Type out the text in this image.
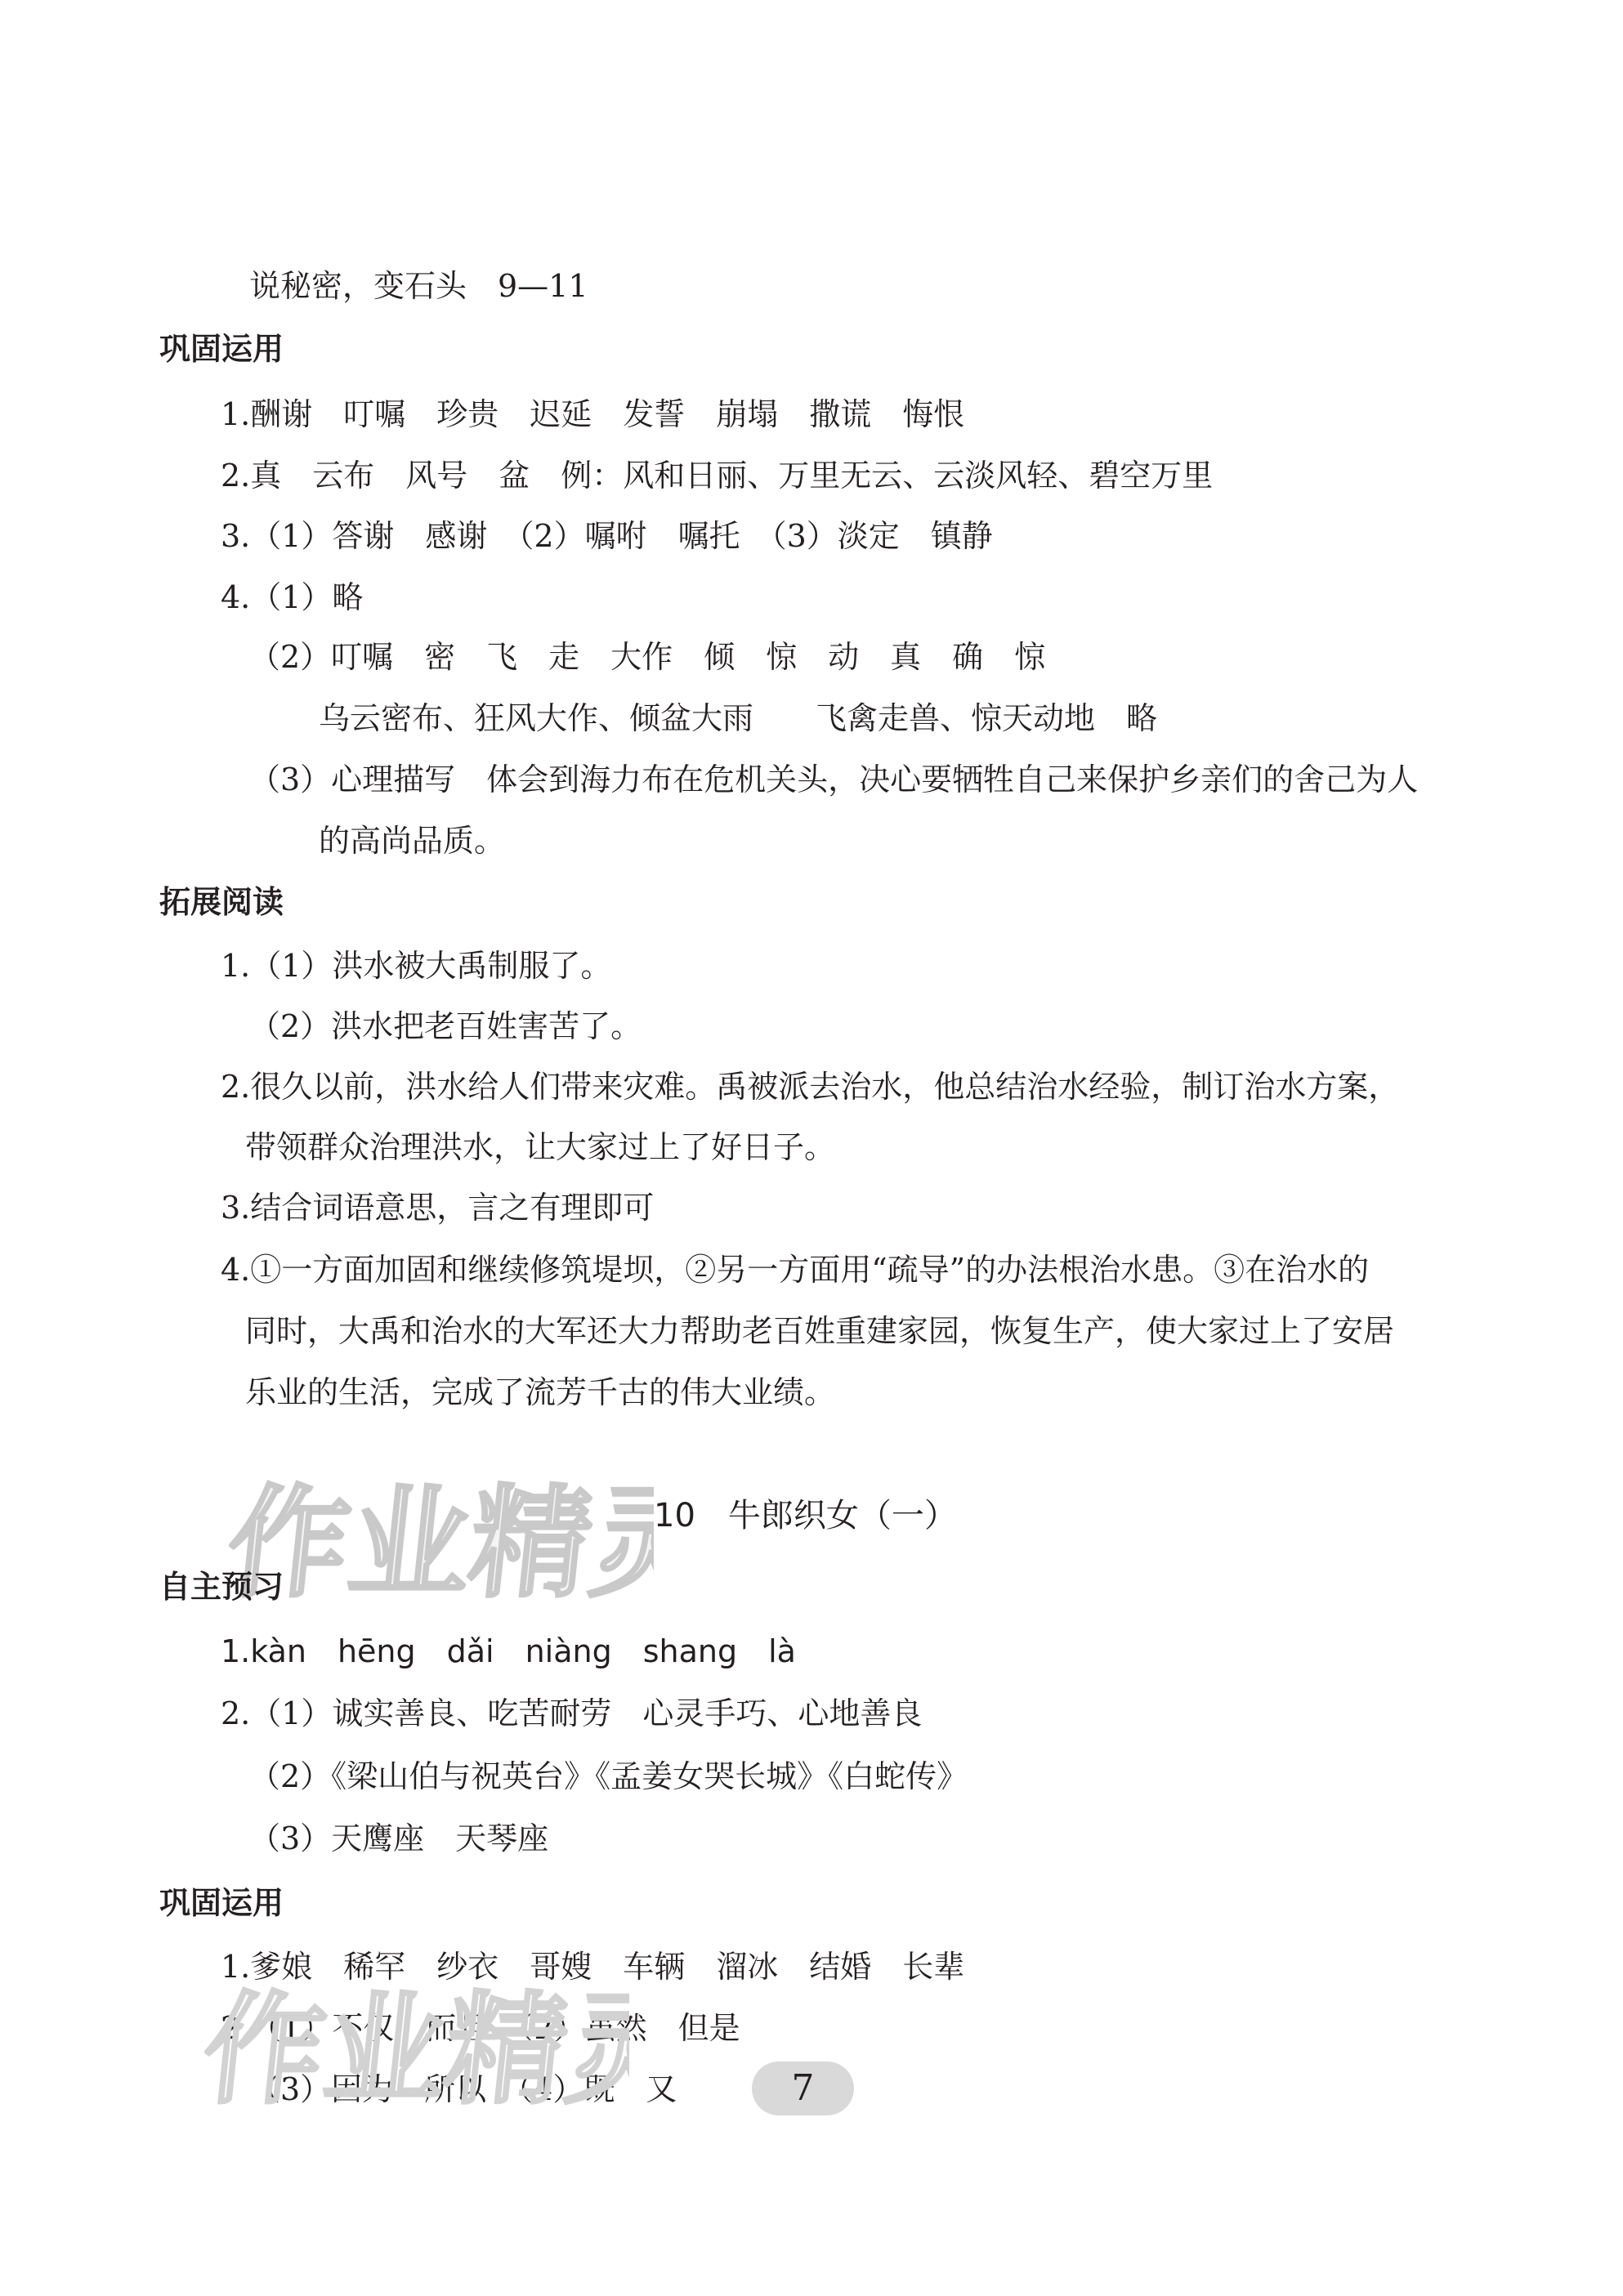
说秘密，变石头　9—11
巩固运用
1.酬谢　叮嘱　珍贵　迟延　发誓　崩塌　撒谎　悔恨
2.真　云布　风号　盆　例：风和日丽、万里无云、云淡风轻、碧空万里
3.（1）答谢　感谢　（2）嘱咐　嘱托　（3）淡定　镇静
4.（1）略
（2）叮嘱　密　飞　走　大作　倾　惊　动　真　确　惊
乌云密布、狂风大作、倾盆大雨　　飞禽走兽、惊天动地　略
（3）心理描写　体会到海力布在危机关头，决心要牺牲自己来保护乡亲们的舍己为人
的高尚品质。
拓展阅读
1.（1）洪水被大禹制服了。
（2）洪水把老百姓害苦了。
2.很久以前，洪水给人们带来灾难。禹被派去治水，他总结治水经验，制订治水方案，
带领群众治理洪水，让大家过上了好日子。
3.结合词语意思，言之有理即可
4.①一方面加固和继续修筑堤坝，②另一方面用“疏导”的办法根治水患。③在治水的
同时，大禹和治水的大军还大力帮助老百姓重建家园，恢复生产，使大家过上了安居
乐业的生活，完成了流芳千古的伟大业绩。
作业精灵
10　牛郎织女（一）
自主预习
1.kàn　hēng　dǎi　niàng　shang　là
2.（1）诚实善良、吃苦耐劳　心灵手巧、心地善良
（2）《梁山伯与祝英台》《孟姜女哭长城》《白蛇传》
（3）天鹰座　天琴座
巩固运用
1.爹娘　稀罕　纱衣　哥嫂　车辆　溜冰　结婚　长辈
2.（1）不仅　而且　（2）虽然　但是
（3）因为　所以　（4）既　又
作业精灵	7
